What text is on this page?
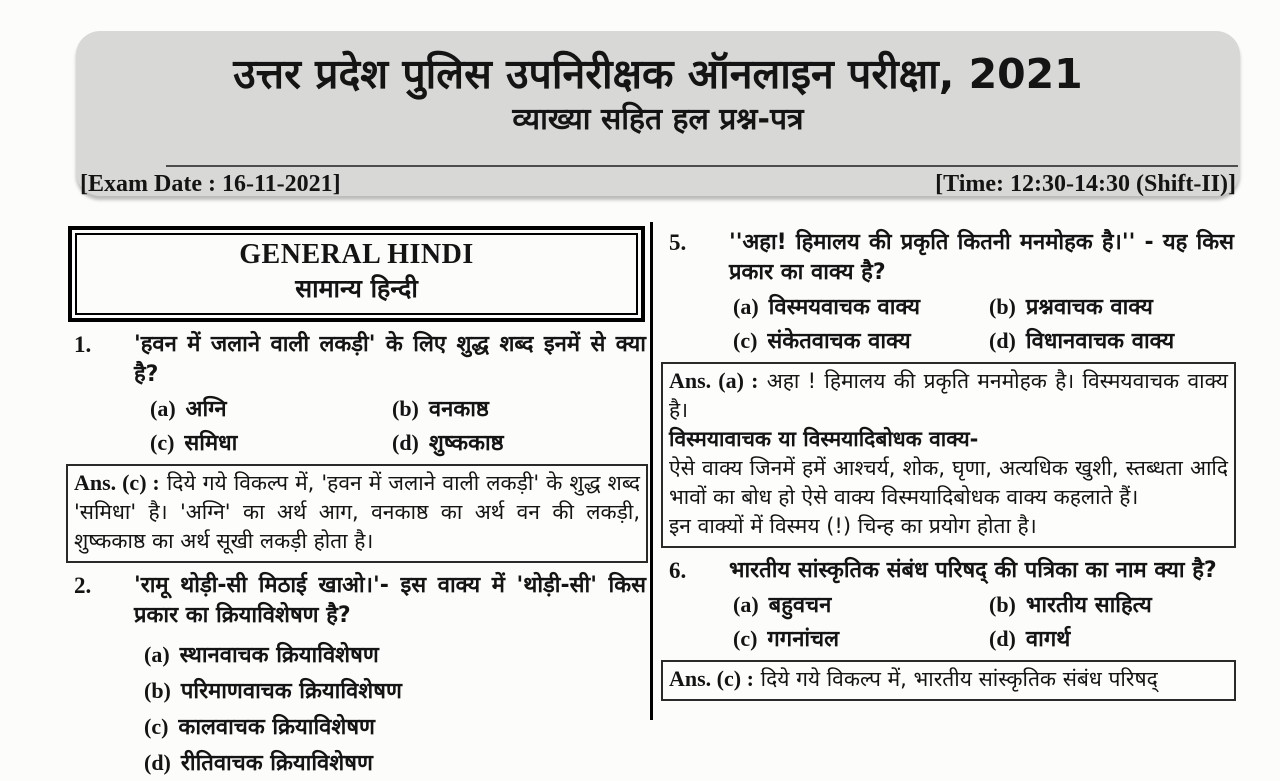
उत्तर प्रदेश पुलिस उपनिरीक्षक ऑनलाइन परीक्षा, 2021
व्याख्या सहित हल प्रश्न-पत्र
[Exam Date : 16-11-2021]	[Time: 12:30-14:30 (Shift-II)]
GENERAL HINDI
सामान्य हिन्दी
1.	'हवन में जलाने वाली लकड़ी' के लिए शुद्ध शब्द इनमें से क्या है?
(a) अग्नि	(b) वनकाष्ठ
(c) समिधा	(d) शुष्ककाष्ठ

Ans. (c) : दिये गये विकल्प में, 'हवन में जलाने वाली लकड़ी' के शुद्ध शब्द 'समिधा' है। 'अग्नि' का अर्थ आग, वनकाष्ठ का अर्थ वन की लकड़ी, शुष्ककाष्ठ का अर्थ सूखी लकड़ी होता है।

2.	'रामू थोड़ी-सी मिठाई खाओ।'- इस वाक्य में 'थोड़ी-सी' किस प्रकार का क्रियाविशेषण है?
(a) स्थानवाचक क्रियाविशेषण
(b) परिमाणवाचक क्रियाविशेषण
(c) कालवाचक क्रियाविशेषण
(d) रीतिवाचक क्रियाविशेषण
5.	''अहा! हिमालय की प्रकृति कितनी मनमोहक है।'' - यह किस प्रकार का वाक्य है?
(a) विस्मयवाचक वाक्य	(b) प्रश्नवाचक वाक्य
(c) संकेतवाचक वाक्य	(d) विधानवाचक वाक्य

Ans. (a) : अहा ! हिमालय की प्रकृति मनमोहक है। विस्मयवाचक वाक्य है।

विस्मयावाचक या विस्मयादिबोधक वाक्य-

ऐसे वाक्य जिनमें हमें आश्चर्य, शोक, घृणा, अत्यधिक खुशी, स्तब्धता आदि भावों का बोध हो ऐसे वाक्य विस्मयादिबोधक वाक्य कहलाते हैं।

इन वाक्यों में विस्मय (!) चिन्ह का प्रयोग होता है।

6.	भारतीय सांस्कृतिक संबंध परिषद् की पत्रिका का नाम क्या है?
(a) बहुवचन	(b) भारतीय साहित्य
(c) गगनांचल	(d) वागर्थ

Ans. (c) : दिये गये विकल्प में, भारतीय सांस्कृतिक संबंध परिषद्
